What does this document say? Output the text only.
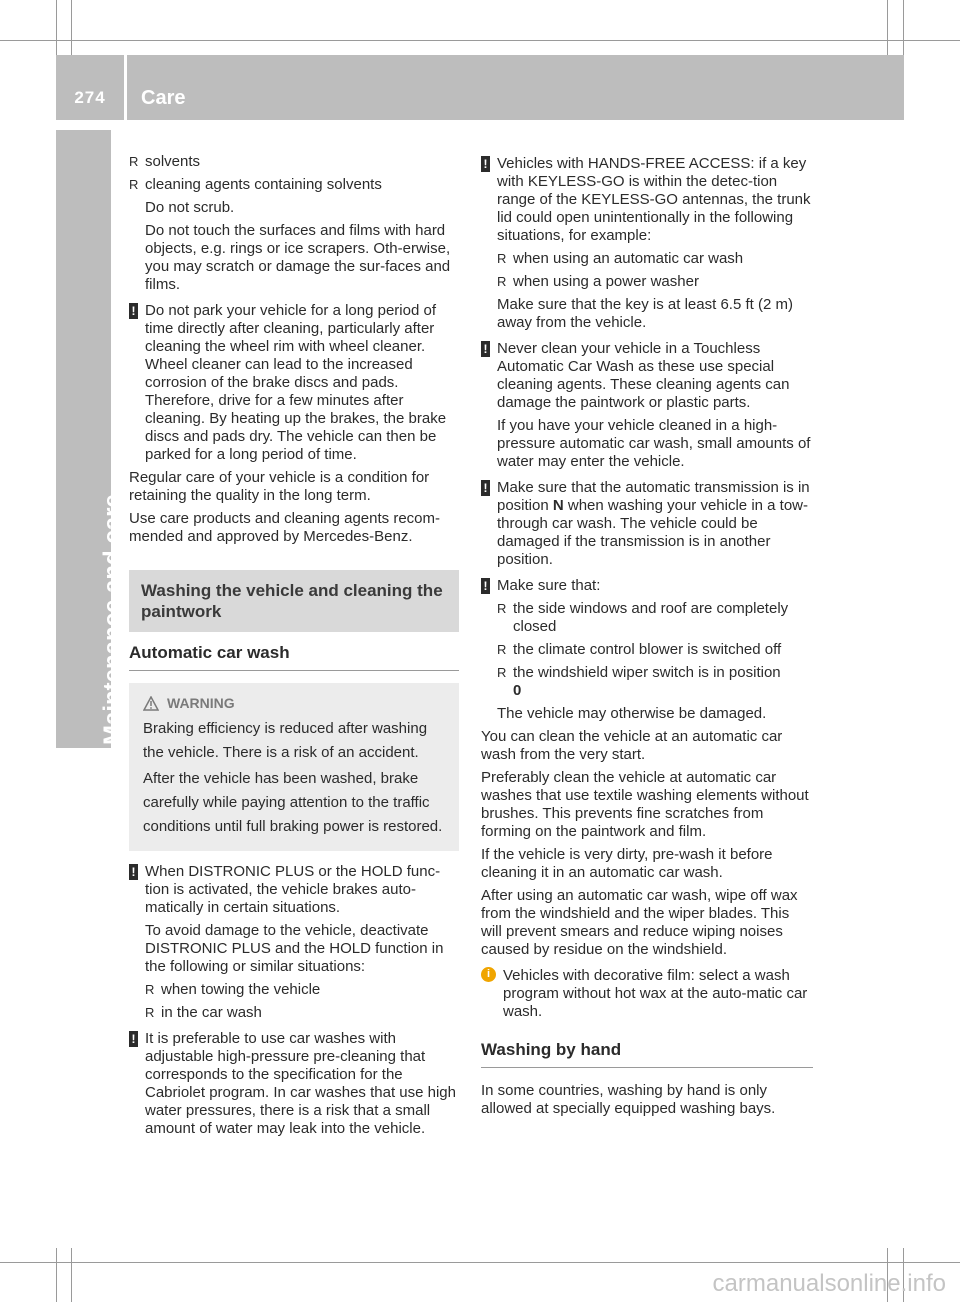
274	Care
Maintenance and care
R solvents
R cleaning agents containing solvents

Do not scrub.

Do not touch the surfaces and films with hard objects, e.g. rings or ice scrapers. Oth-erwise, you may scratch or damage the sur-faces and films.

! Do not park your vehicle for a long period of time directly after cleaning, particularly after cleaning the wheel rim with wheel cleaner. Wheel cleaner can lead to the increased corrosion of the brake discs and pads. Therefore, drive for a few minutes after cleaning. By heating up the brakes, the brake discs and pads dry. The vehicle can then be parked for a long period of time.

Regular care of your vehicle is a condition for retaining the quality in the long term.

Use care products and cleaning agents recom-mended and approved by Mercedes-Benz.

Washing the vehicle and cleaning the paintwork
Automatic car wash
WARNING

Braking efficiency is reduced after washing the vehicle. There is a risk of an accident.

After the vehicle has been washed, brake carefully while paying attention to the traffic conditions until full braking power is restored.

! When DISTRONIC PLUS or the HOLD func-tion is activated, the vehicle brakes auto-matically in certain situations.

To avoid damage to the vehicle, deactivate DISTRONIC PLUS and the HOLD function in the following or similar situations:

R when towing the vehicle
R in the car wash
! It is preferable to use car washes with adjustable high-pressure pre-cleaning that corresponds to the specification for the Cabriolet program. In car washes that use high water pressures, there is a risk that a small amount of water may leak into the vehicle.
! Vehicles with HANDS-FREE ACCESS: if a key with KEYLESS-GO is within the detec-tion range of the KEYLESS-GO antennas, the trunk lid could open unintentionally in the following situations, for example:
R when using an automatic car wash
R when using a power washer

Make sure that the key is at least 6.5 ft (2 m) away from the vehicle.

! Never clean your vehicle in a Touchless Automatic Car Wash as these use special cleaning agents. These cleaning agents can damage the paintwork or plastic parts.

If you have your vehicle cleaned in a high-pressure automatic car wash, small amounts of water may enter the vehicle.

! Make sure that the automatic transmission is in position N when washing your vehicle in a tow-through car wash. The vehicle could be damaged if the transmission is in another position.
! Make sure that:
R the side windows and roof are completely closed
R the climate control blower is switched off
R the windshield wiper switch is in position
0

The vehicle may otherwise be damaged.

You can clean the vehicle at an automatic car wash from the very start.

Preferably clean the vehicle at automatic car washes that use textile washing elements without brushes. This prevents fine scratches from forming on the paintwork and film.

If the vehicle is very dirty, pre-wash it before cleaning it in an automatic car wash.

After using an automatic car wash, wipe off wax from the windshield and the wiper blades. This will prevent smears and reduce wiping noises caused by residue on the windshield.

i Vehicles with decorative film: select a wash program without hot wax at the auto-matic car wash.
Washing by hand

In some countries, washing by hand is only allowed at specially equipped washing bays.

carmanualsonline.info
